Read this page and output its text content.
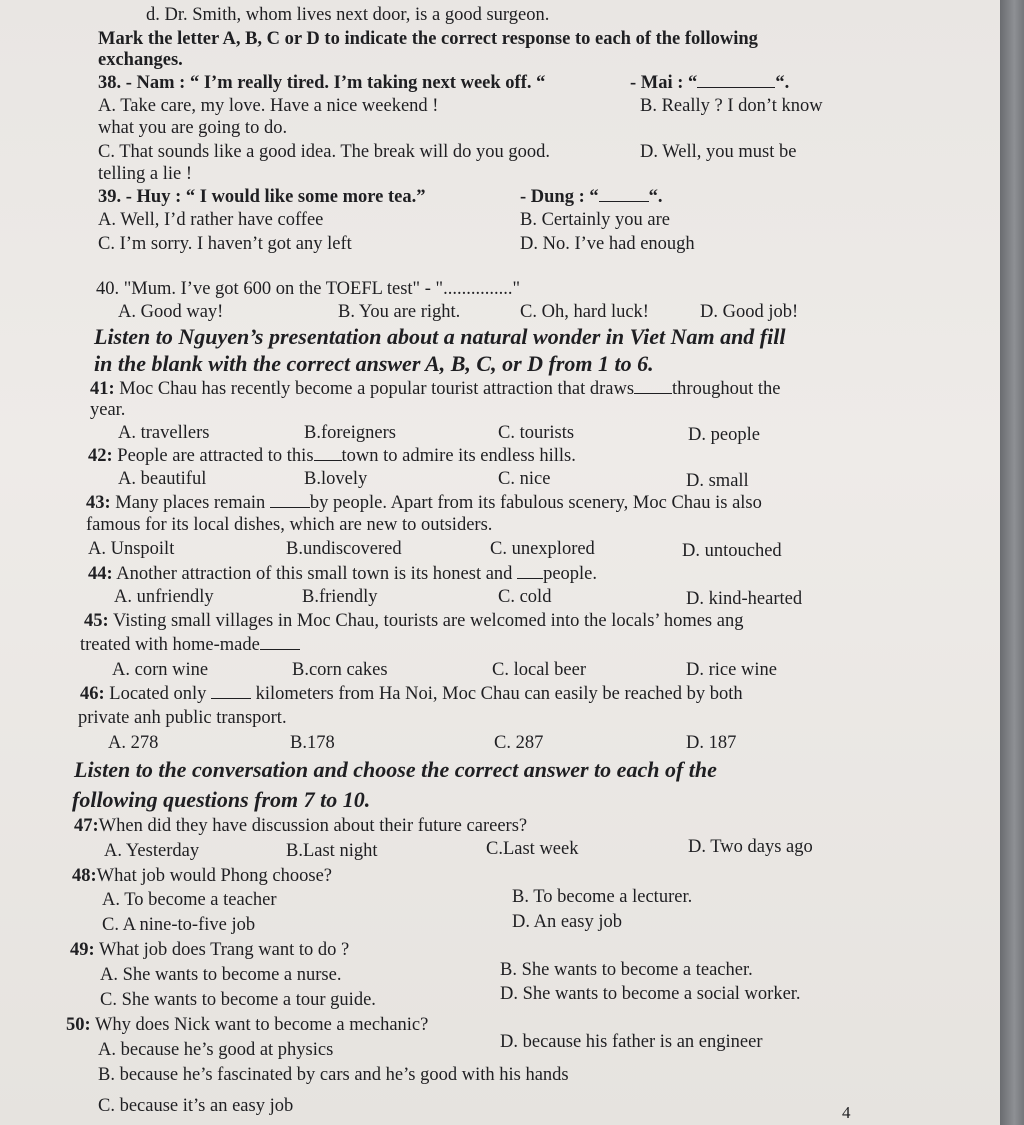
d. Dr. Smith, whom lives next door, is a good surgeon.
Mark the letter A, B, C or D to indicate the correct response to each of the following
exchanges.
38. - Nam : “ I’m really tired. I’m taking next week off. “	- Mai : “	“.
A. Take care, my love. Have a nice weekend !	B. Really ? I don’t know
what you are going to do.
C. That sounds like a good idea. The break will do you good.	D. Well, you must be
telling a lie !
39. - Huy : “ I would like some more tea.”	- Dung : “	“.
A. Well, I’d rather have coffee	B. Certainly you are
C. I’m sorry. I haven’t got any left	D. No. I’ve had enough
40. "Mum. I’ve got 600 on the TOEFL test" - "..............."
A. Good way!	B. You are right.	C. Oh, hard luck!	D. Good job!
Listen to Nguyen’s presentation about a natural wonder in Viet Nam and fill
in the blank with the correct answer A, B, C, or D from 1 to 6.
41: Moc Chau has recently become a popular tourist attraction that draws throughout the
year.
A. travellers	B.foreigners	C. tourists	D. people
42: People are attracted to this town to admire its endless hills.
A. beautiful	B.lovely	C. nice	D. small
43: Many places remain by people. Apart from its fabulous scenery, Moc Chau is also
famous for its local dishes, which are new to outsiders.
A. Unspoilt	B.undiscovered	C. unexplored	D. untouched
44: Another attraction of this small town is its honest and people.
A. unfriendly	B.friendly	C. cold	D. kind-hearted
45: Visting small villages in Moc Chau, tourists are welcomed into the locals’ homes ang
treated with home-made
A. corn wine	B.corn cakes	C. local beer	D. rice wine
46: Located only	kilometers from Ha Noi, Moc Chau can easily be reached by both
private anh public transport.
A. 278	B.178	C. 287	D. 187
Listen to the conversation and choose the correct answer to each of the
following questions from 7 to 10.
47:When did they have discussion about their future careers?
A. Yesterday	B.Last night	C.Last week	D. Two days ago
48:What job would Phong choose?
A. To become a teacher	B. To become a lecturer.
C. A nine-to-five job	D. An easy job
49: What job does Trang want to do ?
A. She wants to become a nurse.	B. She wants to become a teacher.
C. She wants to become a tour guide.	D. She wants to become a social worker.
50: Why does Nick want to become a mechanic?
A. because he’s good at physics	D. because his father is an engineer
B. because he’s fascinated by cars and he’s good with his hands
C. because it’s an easy job	4
